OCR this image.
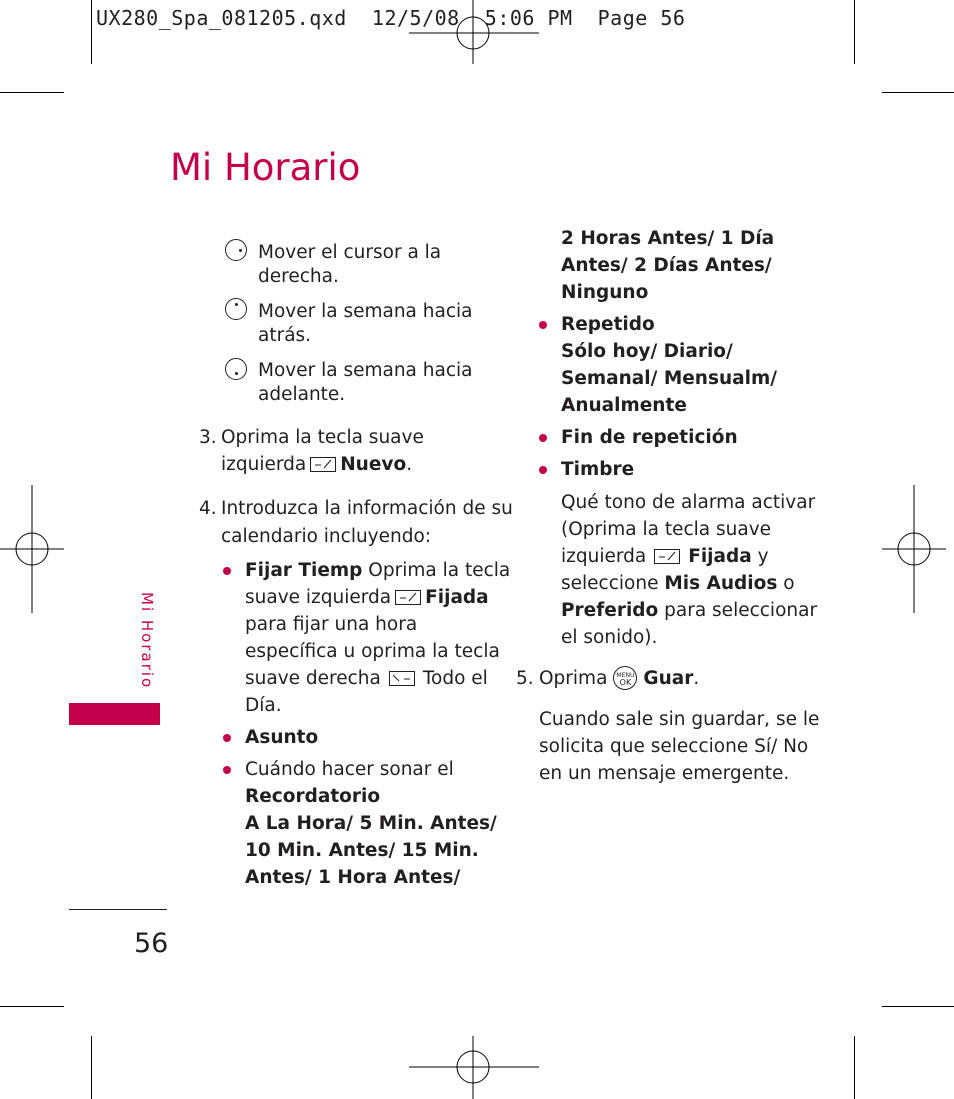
UX280_Spa_081205.qxd  12/5/08  5:06 PM  Page 56
Mi Horario
Mi Horario
56
Mover el cursor a la
derecha.
Mover la semana hacia
atrás.
Mover la semana hacia
adelante.
3. Oprima la tecla suave
izquierda Nuevo.
4. Introduzca la información de su
calendario incluyendo:
Fijar Tiemp Oprima la tecla
suave izquierda Fijada
para fijar una hora
específica u oprima la tecla
suave derecha Todo el
Día.
Asunto
Cuándo hacer sonar el
Recordatorio
A La Hora/ 5 Min. Antes/
10 Min. Antes/ 15 Min.
Antes/ 1 Hora Antes/
2 Horas Antes/ 1 Día
Antes/ 2 Días Antes/
Ninguno
Repetido
Sólo hoy/ Diario/
Semanal/ Mensualm/
Anualmente
Fin de repetición
Timbre
Qué tono de alarma activar
(Oprima la tecla suave
izquierda Fijada y
seleccione Mis Audios o
Preferido para seleccionar
el sonido).
5. Oprima	MENU
OK Guar.
Cuando sale sin guardar, se le
solicita que seleccione Sí/ No
en un mensaje emergente.
